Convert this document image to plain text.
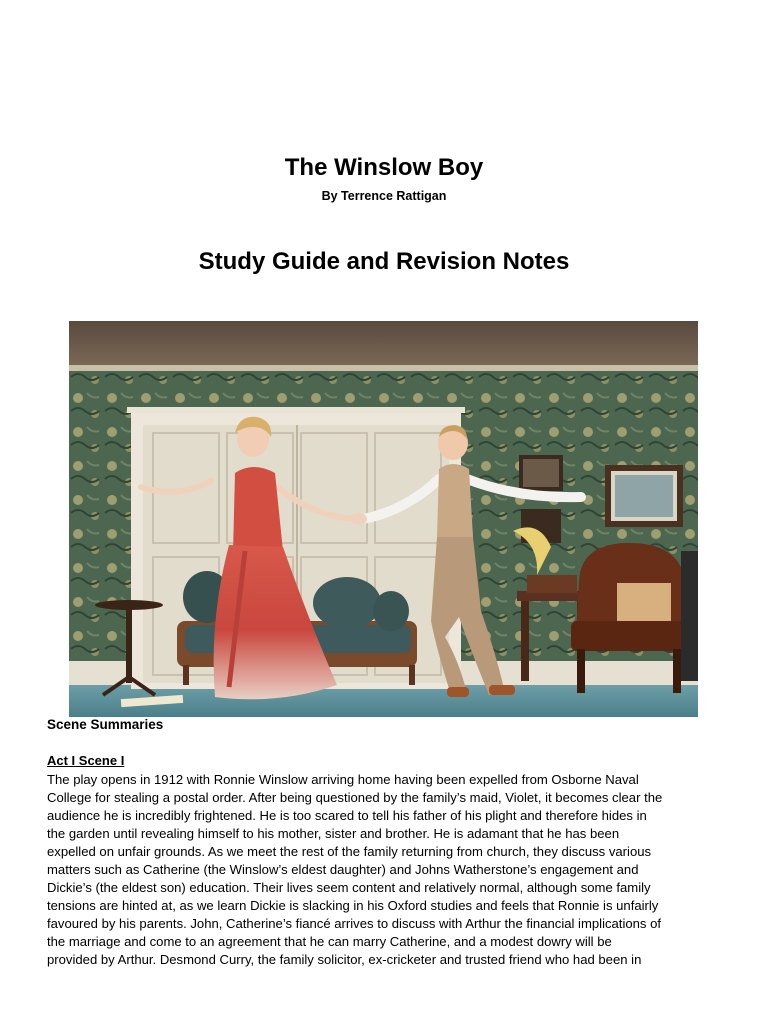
The Winslow Boy

By Terrence Rattigan

Study Guide and Revision Notes
Scene Summaries
Act I Scene I
The play opens in 1912 with Ronnie Winslow arriving home having been expelled from Osborne Naval
College for stealing a postal order. After being questioned by the family’s maid, Violet, it becomes clear the
audience he is incredibly frightened. He is too scared to tell his father of his plight and therefore hides in
the garden until revealing himself to his mother, sister and brother. He is adamant that he has been
expelled on unfair grounds. As we meet the rest of the family returning from church, they discuss various
matters such as Catherine (the Winslow’s eldest daughter) and Johns Watherstone’s engagement and
Dickie’s (the eldest son) education. Their lives seem content and relatively normal, although some family
tensions are hinted at, as we learn Dickie is slacking in his Oxford studies and feels that Ronnie is unfairly
favoured by his parents. John, Catherine’s fiancé arrives to discuss with Arthur the financial implications of
the marriage and come to an agreement that he can marry Catherine, and a modest dowry will be
provided by Arthur. Desmond Curry, the family solicitor, ex-cricketer and trusted friend who had been in
